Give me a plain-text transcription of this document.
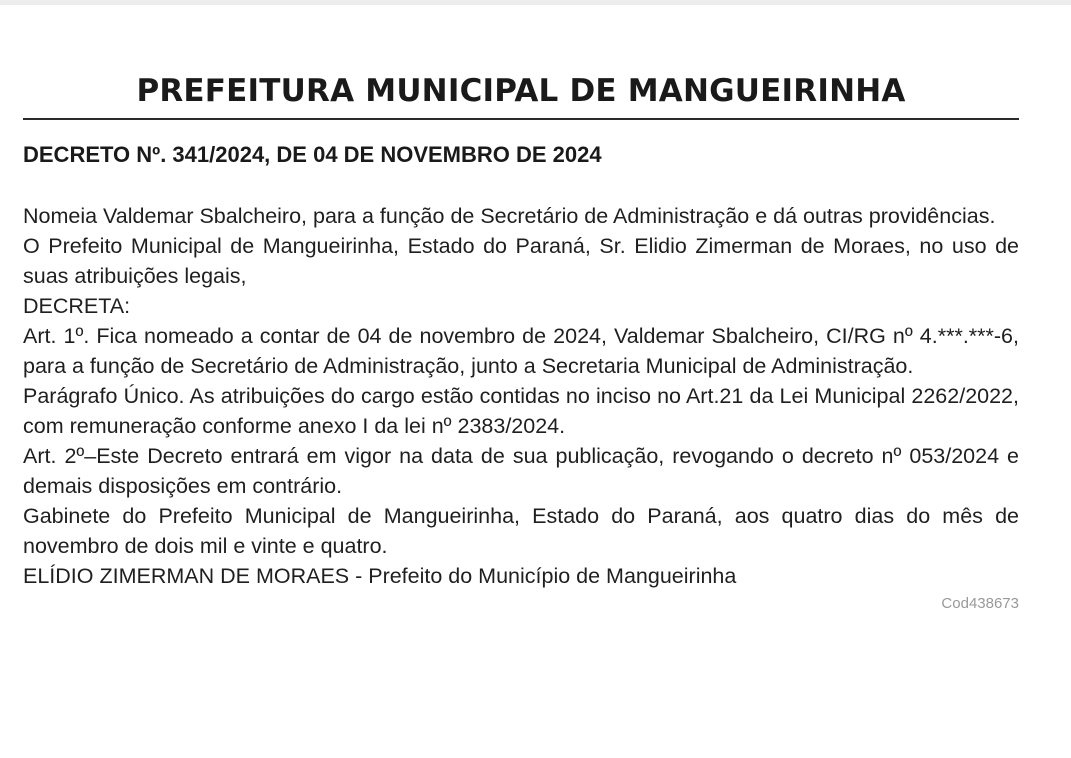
PREFEITURA MUNICIPAL DE MANGUEIRINHA
DECRETO Nº. 341/2024, DE 04 DE NOVEMBRO DE 2024

Nomeia Valdemar Sbalcheiro, para a função de Secretário de Administração e dá outras providências.

O Prefeito Municipal de Mangueirinha, Estado do Paraná, Sr. Elidio Zimerman de Moraes, no uso de suas atribuições legais,

DECRETA:

Art. 1º. Fica nomeado a contar de 04 de novembro de 2024, Valdemar Sbalcheiro, CI/RG nº 4.***.***-6, para a função de Secretário de Administração, junto a Secretaria Municipal de Administração.

Parágrafo Único. As atribuições do cargo estão contidas no inciso no Art.21 da Lei Municipal 2262/2022, com remuneração conforme anexo I da lei nº 2383/2024.

Art. 2º–Este Decreto entrará em vigor na data de sua publicação, revogando o decreto nº 053/2024 e demais disposições em contrário.

Gabinete do Prefeito Municipal de Mangueirinha, Estado do Paraná, aos quatro dias do mês de novembro de dois mil e vinte e quatro.

ELÍDIO ZIMERMAN DE MORAES - Prefeito do Município de Mangueirinha

Cod438673
